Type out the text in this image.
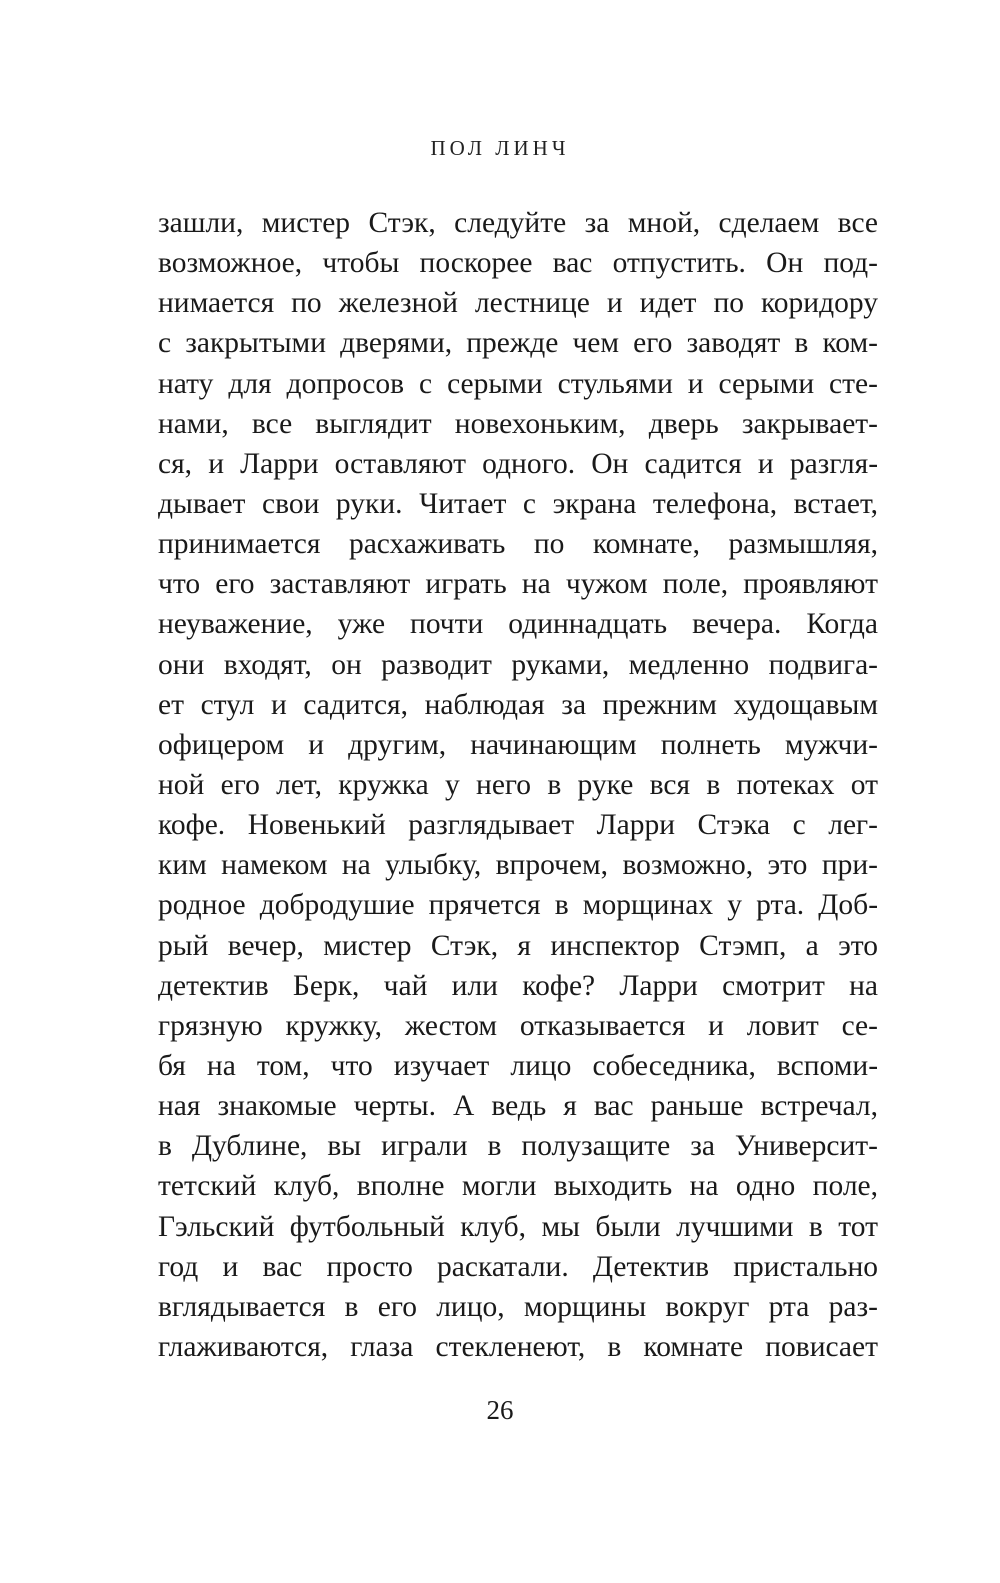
ПОЛ ЛИНЧ
зашли, мистер Стэк, следуйте за мной, сделаем все
возможное, чтобы поскорее вас отпустить. Он под-
нимается по железной лестнице и идет по коридору
с закрытыми дверями, прежде чем его заводят в ком-
нату для допросов с серыми стульями и серыми сте-
нами, все выглядит новехоньким, дверь закрывает-
ся, и Ларри оставляют одного. Он садится и разгля-
дывает свои руки. Читает с экрана телефона, встает,
принимается расхаживать по комнате, размышляя,
что его заставляют играть на чужом поле, проявляют
неуважение, уже почти одиннадцать вечера. Когда
они входят, он разводит руками, медленно подвига-
ет стул и садится, наблюдая за прежним худощавым
офицером и другим, начинающим полнеть мужчи-
ной его лет, кружка у него в руке вся в потеках от
кофе. Новенький разглядывает Ларри Стэка с лег-
ким намеком на улыбку, впрочем, возможно, это при-
родное добродушие прячется в морщинах у рта. Доб-
рый вечер, мистер Стэк, я инспектор Стэмп, а это
детектив Берк, чай или кофе? Ларри смотрит на
грязную кружку, жестом отказывается и ловит се-
бя на том, что изучает лицо собеседника, вспоми-
ная знакомые черты. А ведь я вас раньше встречал,
в Дублине, вы играли в полузащите за Университ-
тетский клуб, вполне могли выходить на одно поле,
Гэльский футбольный клуб, мы были лучшими в тот
год и вас просто раскатали. Детектив пристально
вглядывается в его лицо, морщины вокруг рта раз-
глаживаются, глаза стекленеют, в комнате повисает
26
